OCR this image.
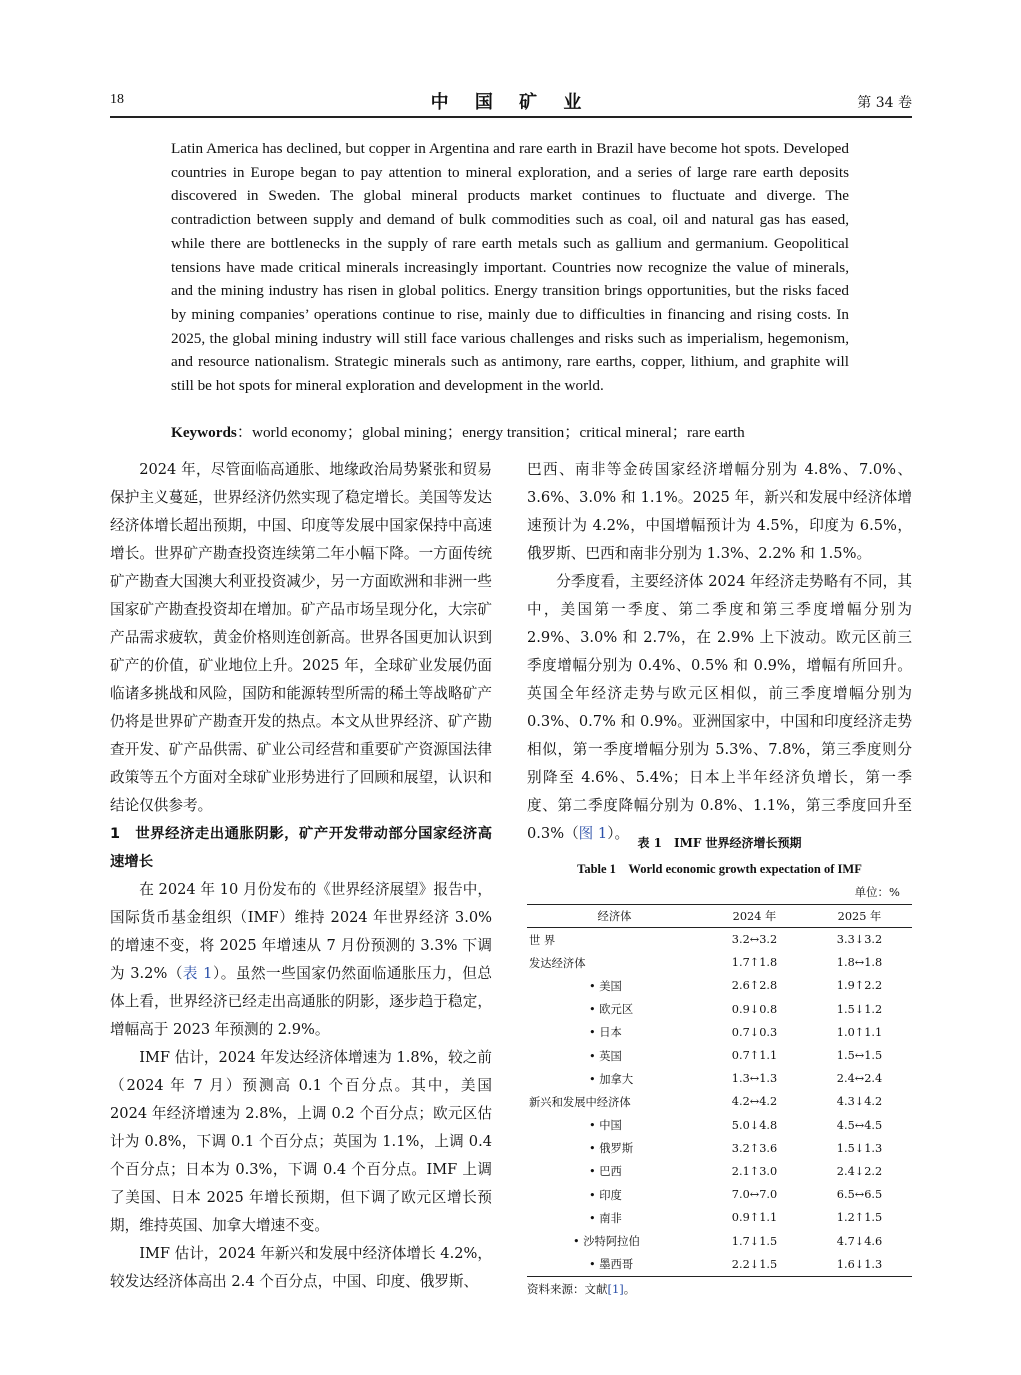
18	中 国 矿 业	第 34 卷
Latin America has declined, but copper in Argentina and rare earth in Brazil have become hot spots. Developed countries in Europe began to pay attention to mineral exploration, and a series of large rare earth deposits discovered in Sweden. The global mineral products market continues to fluctuate and diverge. The contradiction between supply and demand of bulk commodities such as coal, oil and natural gas has eased, while there are bottlenecks in the supply of rare earth metals such as gallium and germanium. Geopolitical tensions have made critical minerals increasingly important. Countries now recognize the value of minerals, and the mining industry has risen in global politics. Energy transition brings opportunities, but the risks faced by mining companies’ operations continue to rise, mainly due to difficulties in financing and rising costs. In 2025, the global mining industry will still face various challenges and risks such as imperialism, hegemonism, and resource nationalism. Strategic minerals such as antimony, rare earths, copper, lithium, and graphite will still be hot spots for mineral exploration and development in the world.
Keywords：world economy；global mining；energy transition；critical mineral；rare earth

2024 年，尽管面临高通胀、地缘政治局势紧张和贸易保护主义蔓延，世界经济仍然实现了稳定增长。美国等发达经济体增长超出预期，中国、印度等发展中国家保持中高速增长。世界矿产勘查投资连续第二年小幅下降。一方面传统矿产勘查大国澳大利亚投资减少，另一方面欧洲和非洲一些国家矿产勘查投资却在增加。矿产品市场呈现分化，大宗矿产品需求疲软，黄金价格则连创新高。世界各国更加认识到矿产的价值，矿业地位上升。2025 年，全球矿业发展仍面临诸多挑战和风险，国防和能源转型所需的稀土等战略矿产仍将是世界矿产勘查开发的热点。本文从世界经济、矿产勘查开发、矿产品供需、矿业公司经营和重要矿产资源国法律政策等五个方面对全球矿业形势进行了回顾和展望，认识和结论仅供参考。

1　世界经济走出通胀阴影，矿产开发带动部分国家经济高速增长

在 2024 年 10 月份发布的《世界经济展望》报告中，国际货币基金组织（IMF）维持 2024 年世界经济 3.0% 的增速不变，将 2025 年增速从 7 月份预测的 3.3% 下调为 3.2%（表 1）。虽然一些国家仍然面临通胀压力，但总体上看，世界经济已经走出高通胀的阴影，逐步趋于稳定，增幅高于 2023 年预测的 2.9%。

IMF 估计，2024 年发达经济体增速为 1.8%，较之前（2024 年 7 月）预测高 0.1 个百分点。其中，美国 2024 年经济增速为 2.8%，上调 0.2 个百分点；欧元区估计为 0.8%，下调 0.1 个百分点；英国为 1.1%，上调 0.4 个百分点；日本为 0.3%，下调 0.4 个百分点。IMF 上调了美国、日本 2025 年增长预期，但下调了欧元区增长预期，维持英国、加拿大增速不变。

IMF 估计，2024 年新兴和发展中经济体增长 4.2%，较发达经济体高出 2.4 个百分点，中国、印度、俄罗斯、

巴西、南非等金砖国家经济增幅分别为 4.8%、7.0%、3.6%、3.0% 和 1.1%。2025 年，新兴和发展中经济体增速预计为 4.2%，中国增幅预计为 4.5%，印度为 6.5%，俄罗斯、巴西和南非分别为 1.3%、2.2% 和 1.5%。

分季度看，主要经济体 2024 年经济走势略有不同，其中，美国第一季度、第二季度和第三季度增幅分别为 2.9%、3.0% 和 2.7%，在 2.9% 上下波动。欧元区前三季度增幅分别为 0.4%、0.5% 和 0.9%，增幅有所回升。英国全年经济走势与欧元区相似，前三季度增幅分别为 0.3%、0.7% 和 0.9%。亚洲国家中，中国和印度经济走势相似，第一季度增幅分别为 5.3%、7.8%，第三季度则分别降至 4.6%、5.4%；日本上半年经济负增长，第一季度、第二季度降幅分别为 0.8%、1.1%，第三季度回升至 0.3%（图 1）。

表 1　IMF 世界经济增长预期
Table 1　World economic growth expectation of IMF
单位：%
经济体	2024 年	2025 年
世 界	3.2↔3.2	3.3↓3.2
发达经济体	1.7↑1.8	1.8↔1.8
• 美国	2.6↑2.8	1.9↑2.2
• 欧元区	0.9↓0.8	1.5↓1.2
• 日本	0.7↓0.3	1.0↑1.1
• 英国	0.7↑1.1	1.5↔1.5
• 加拿大	1.3↔1.3	2.4↔2.4
新兴和发展中经济体	4.2↔4.2	4.3↓4.2
• 中国	5.0↓4.8	4.5↔4.5
• 俄罗斯	3.2↑3.6	1.5↓1.3
• 巴西	2.1↑3.0	2.4↓2.2
• 印度	7.0↔7.0	6.5↔6.5
• 南非	0.9↑1.1	1.2↑1.5
• 沙特阿拉伯	1.7↓1.5	4.7↓4.6
• 墨西哥	2.2↓1.5	1.6↓1.3
资料来源：文献[1]。
